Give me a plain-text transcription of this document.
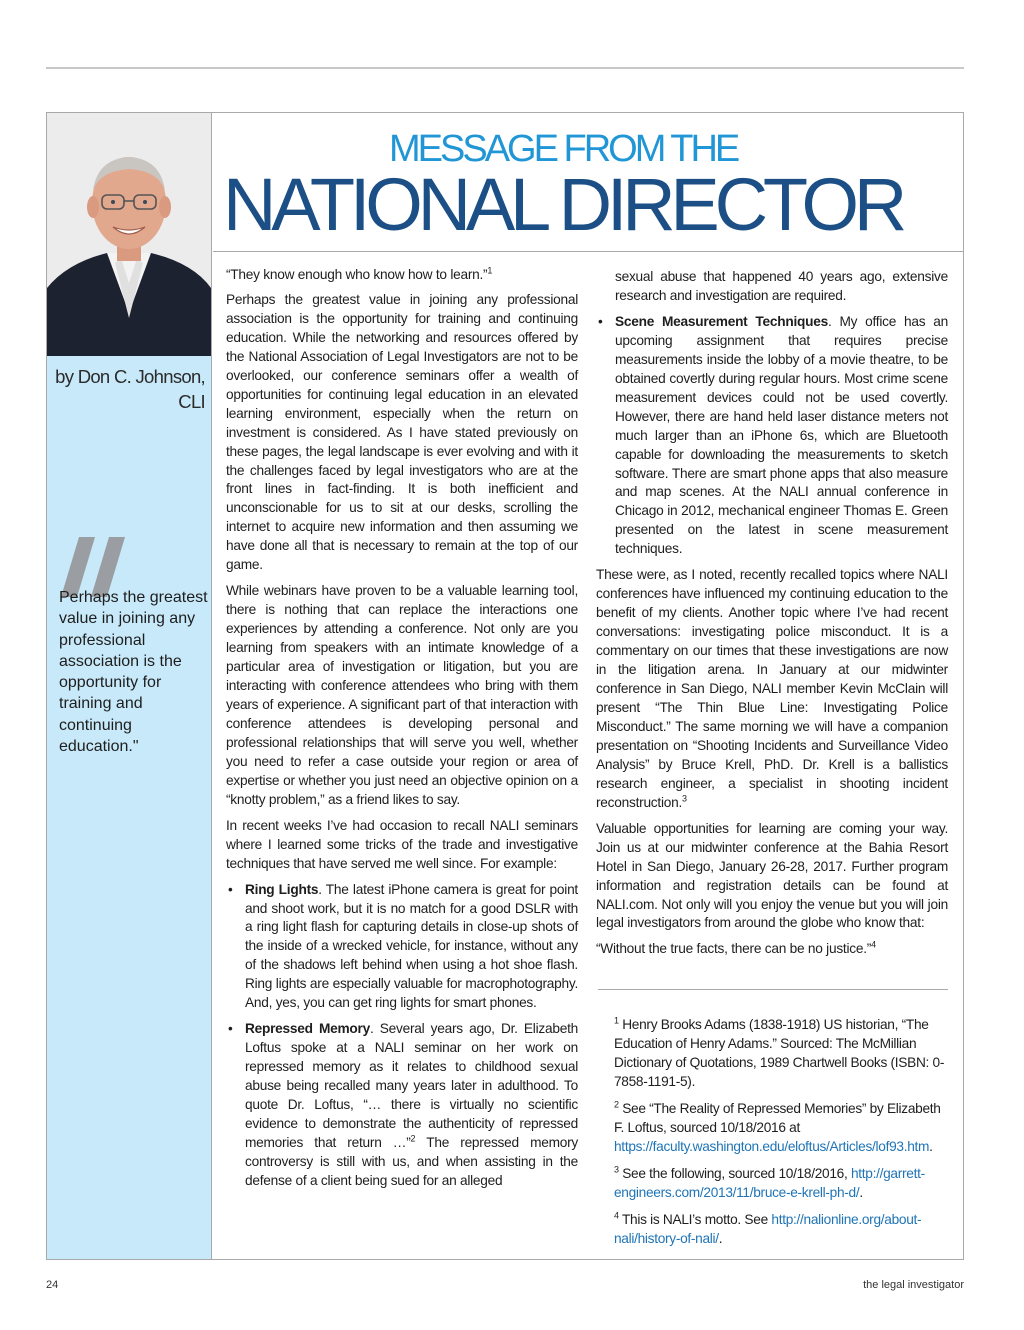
by Don C. Johnson,
CLI
Perhaps the greatest value in joining any professional association is the opportunity for training and continuing education."
MESSAGE FROM THE
NATIONAL DIRECTOR

“They know enough who know how to learn.”$^1$

Perhaps the greatest value in joining any professional association is the opportunity for training and continuing education. While the networking and resources offered by the National Association of Legal Investigators are not to be overlooked, our conference seminars offer a wealth of opportunities for continuing legal education in an elevated learning environment, especially when the return on investment is considered. As I have stated previously on these pages, the legal landscape is ever evolving and with it the challenges faced by legal investigators who are at the front lines in fact-finding. It is both inefficient and unconscionable for us to sit at our desks, scrolling the internet to acquire new information and then assuming we have done all that is necessary to remain at the top of our game.

While webinars have proven to be a valuable learning tool, there is nothing that can replace the interactions one experiences by attending a conference. Not only are you learning from speakers with an intimate knowledge of a particular area of investigation or litigation, but you are interacting with conference attendees who bring with them years of experience. A significant part of that interaction with conference attendees is developing personal and professional relationships that will serve you well, whether you need to refer a case outside your region or area of expertise or whether you just need an objective opinion on a “knotty problem,” as a friend likes to say.

In recent weeks I’ve had occasion to recall NALI seminars where I learned some tricks of the trade and investigative techniques that have served me well since. For example:

• Ring Lights. The latest iPhone camera is great for point and shoot work, but it is no match for a good DSLR with a ring light flash for capturing details in close-up shots of the inside of a wrecked vehicle, for instance, without any of the shadows left behind when using a hot shoe flash. Ring lights are especially valuable for macrophotography. And, yes, you can get ring lights for smart phones.
• Repressed Memory. Several years ago, Dr. Elizabeth Loftus spoke at a NALI seminar on her work on repressed memory as it relates to childhood sexual abuse being recalled many years later in adulthood. To quote Dr. Loftus, “… there is virtually no scientific evidence to demonstrate the authenticity of repressed memories that return …”$^2$ The repressed memory controversy is still with us, and when assisting in the defense of a client being sued for an alleged
sexual abuse that happened 40 years ago, extensive research and investigation are required.
• Scene Measurement Techniques. My office has an upcoming assignment that requires precise measurements inside the lobby of a movie theatre, to be obtained covertly during regular hours. Most crime scene measurement devices could not be used covertly. However, there are hand held laser distance meters not much larger than an iPhone 6s, which are Bluetooth capable for downloading the measurements to sketch software. There are smart phone apps that also measure and map scenes. At the NALI annual conference in Chicago in 2012, mechanical engineer Thomas E. Green presented on the latest in scene measurement techniques.

These were, as I noted, recently recalled topics where NALI conferences have influenced my continuing education to the benefit of my clients. Another topic where I’ve had recent conversations: investigating police misconduct. It is a commentary on our times that these investigations are now in the litigation arena. In January at our midwinter conference in San Diego, NALI member Kevin McClain will present “The Thin Blue Line: Investigating Police Misconduct.” The same morning we will have a companion presentation on “Shooting Incidents and Surveillance Video Analysis” by Bruce Krell, PhD. Dr. Krell is a ballistics research engineer, a specialist in shooting incident reconstruction.$^3$

Valuable opportunities for learning are coming your way. Join us at our midwinter conference at the Bahia Resort Hotel in San Diego, January 26-28, 2017. Further program information and registration details can be found at NALI.com. Not only will you enjoy the venue but you will join legal investigators from around the globe who know that:

“Without the true facts, there can be no justice.”$^4$

$^1$ Henry Brooks Adams (1838-1918) US historian, “The Education of Henry Adams.” Sourced: The McMillian Dictionary of Quotations, 1989 Chartwell Books (ISBN: 0-7858-1191-5).
$^2$ See “The Reality of Repressed Memories” by Elizabeth F. Loftus, sourced 10/18/2016 at https://faculty.washington.edu/eloftus/Articles/lof93.htm.
$^3$ See the following, sourced 10/18/2016, http://garrett-engineers.com/2013/11/bruce-e-krell-ph-d/.
$^4$ This is NALI’s motto. See http://nalionline.org/about-nali/history-of-nali/.
24	the legal investigator
